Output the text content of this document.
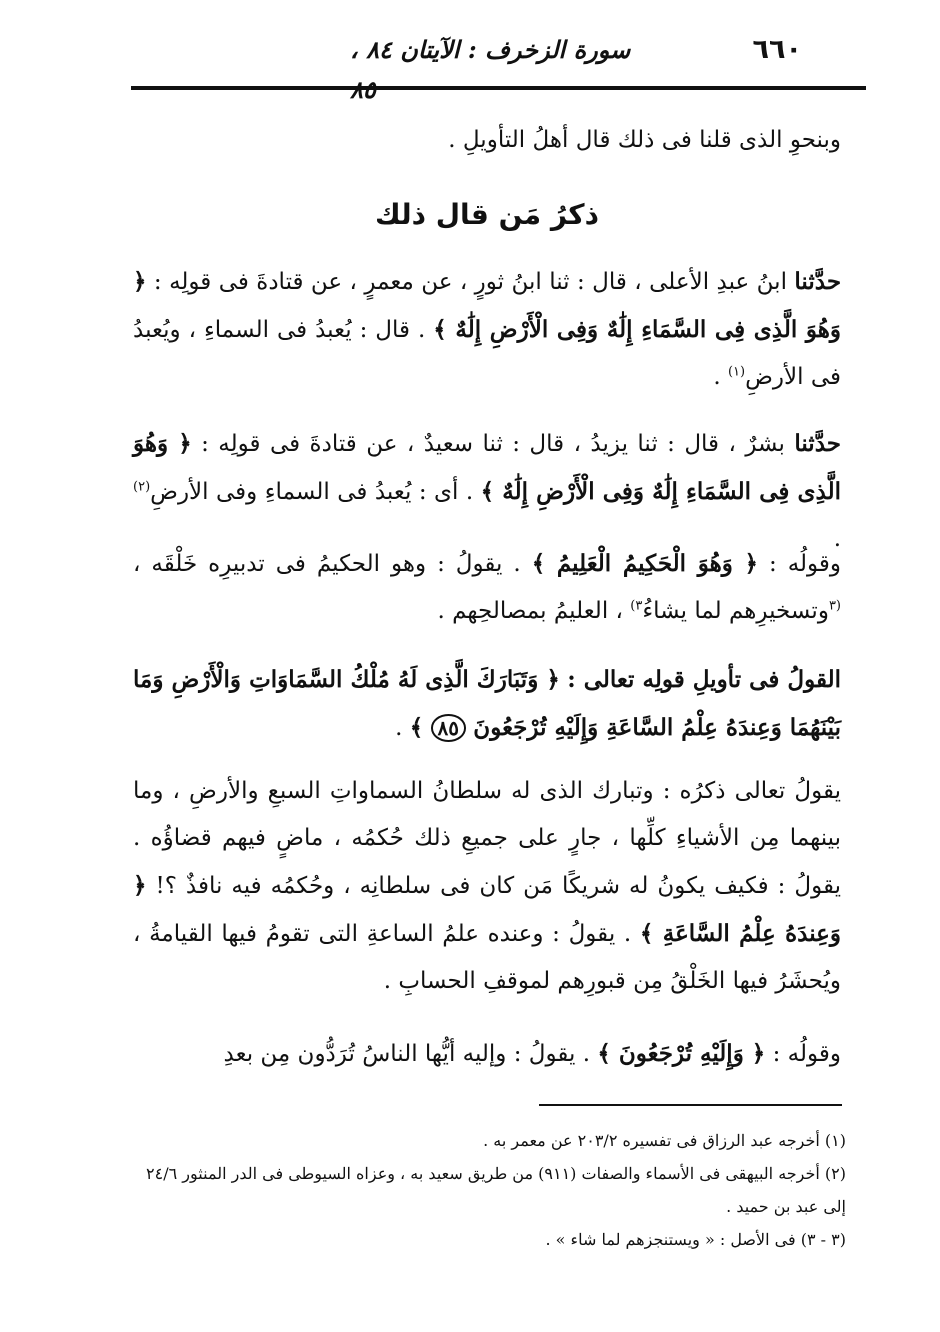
٦٦٠
سورة الزخرف : الآيتان ٨٤ ، ٨٥
وبنحوِ الذى قلنا فى ذلك قال أهلُ التأويلِ .
ذكرُ مَن قال ذلك
حدَّثنا ابنُ عبدِ الأعلى ، قال : ثنا ابنُ ثورٍ ، عن معمرٍ ، عن قتادةَ فى قولِه : ﴿ وَهُوَ الَّذِى فِى السَّمَاءِ إِلَٰهٌ وَفِى الْأَرْضِ إِلَٰهٌ ﴾ . قال : يُعبدُ فى السماءِ ، ويُعبدُ فى الأرضِ$^{(١)}$ .
حدَّثنا بشرٌ ، قال : ثنا يزيدُ ، قال : ثنا سعيدٌ ، عن قتادةَ فى قولِه : ﴿ وَهُوَ الَّذِى فِى السَّمَاءِ إِلَٰهٌ وَفِى الْأَرْضِ إِلَٰهٌ ﴾ . أى : يُعبدُ فى السماءِ وفى الأرضِ$^{(٢)}$ .
وقولُه : ﴿ وَهُوَ الْحَكِيمُ الْعَلِيمُ ﴾ . يقولُ : وهو الحكيمُ فى تدبيرِه خَلْقَه ، $^{(٣}$وتسخيرِهم لما يشاءُ$^{٣)}$ ، العليمُ بمصالحِهم .
القولُ فى تأويلِ قولِه تعالى : ﴿ وَتَبَارَكَ الَّذِى لَهُ مُلْكُ السَّمَاوَاتِ وَالْأَرْضِ وَمَا بَيْنَهُمَا وَعِندَهُ عِلْمُ السَّاعَةِ وَإِلَيْهِ تُرْجَعُونَ ٨٥ ﴾ .
يقولُ تعالى ذكرُه : وتبارك الذى له سلطانُ السماواتِ السبعِ والأرضِ ، وما بينهما مِن الأشياءِ كلِّها ، جارٍ على جميعِ ذلك حُكمُه ، ماضٍ فيهم قضاؤُه . يقولُ : فكيف يكونُ له شريكًا مَن كان فى سلطانِه ، وحُكمُه فيه نافذٌ ؟! ﴿ وَعِندَهُ عِلْمُ السَّاعَةِ ﴾ . يقولُ : وعنده علمُ الساعةِ التى تقومُ فيها القيامةُ ، ويُحشَرُ فيها الخَلْقُ مِن قبورِهم لموقفِ الحسابِ .
وقولُه : ﴿ وَإِلَيْهِ تُرْجَعُونَ ﴾ . يقولُ : وإليه أيُّها الناسُ تُرَدُّون مِن بعدِ

(١) أخرجه عبد الرزاق فى تفسيره ٢٠٣/٢ عن معمر به .

(٢) أخرجه البيهقى فى الأسماء والصفات (٩١١) من طريق سعيد به ، وعزاه السيوطى فى الدر المنثور ٢٤/٦ إلى عبد بن حميد .

(٣ - ٣) فى الأصل : « ويستنجزهم لما شاء » .
